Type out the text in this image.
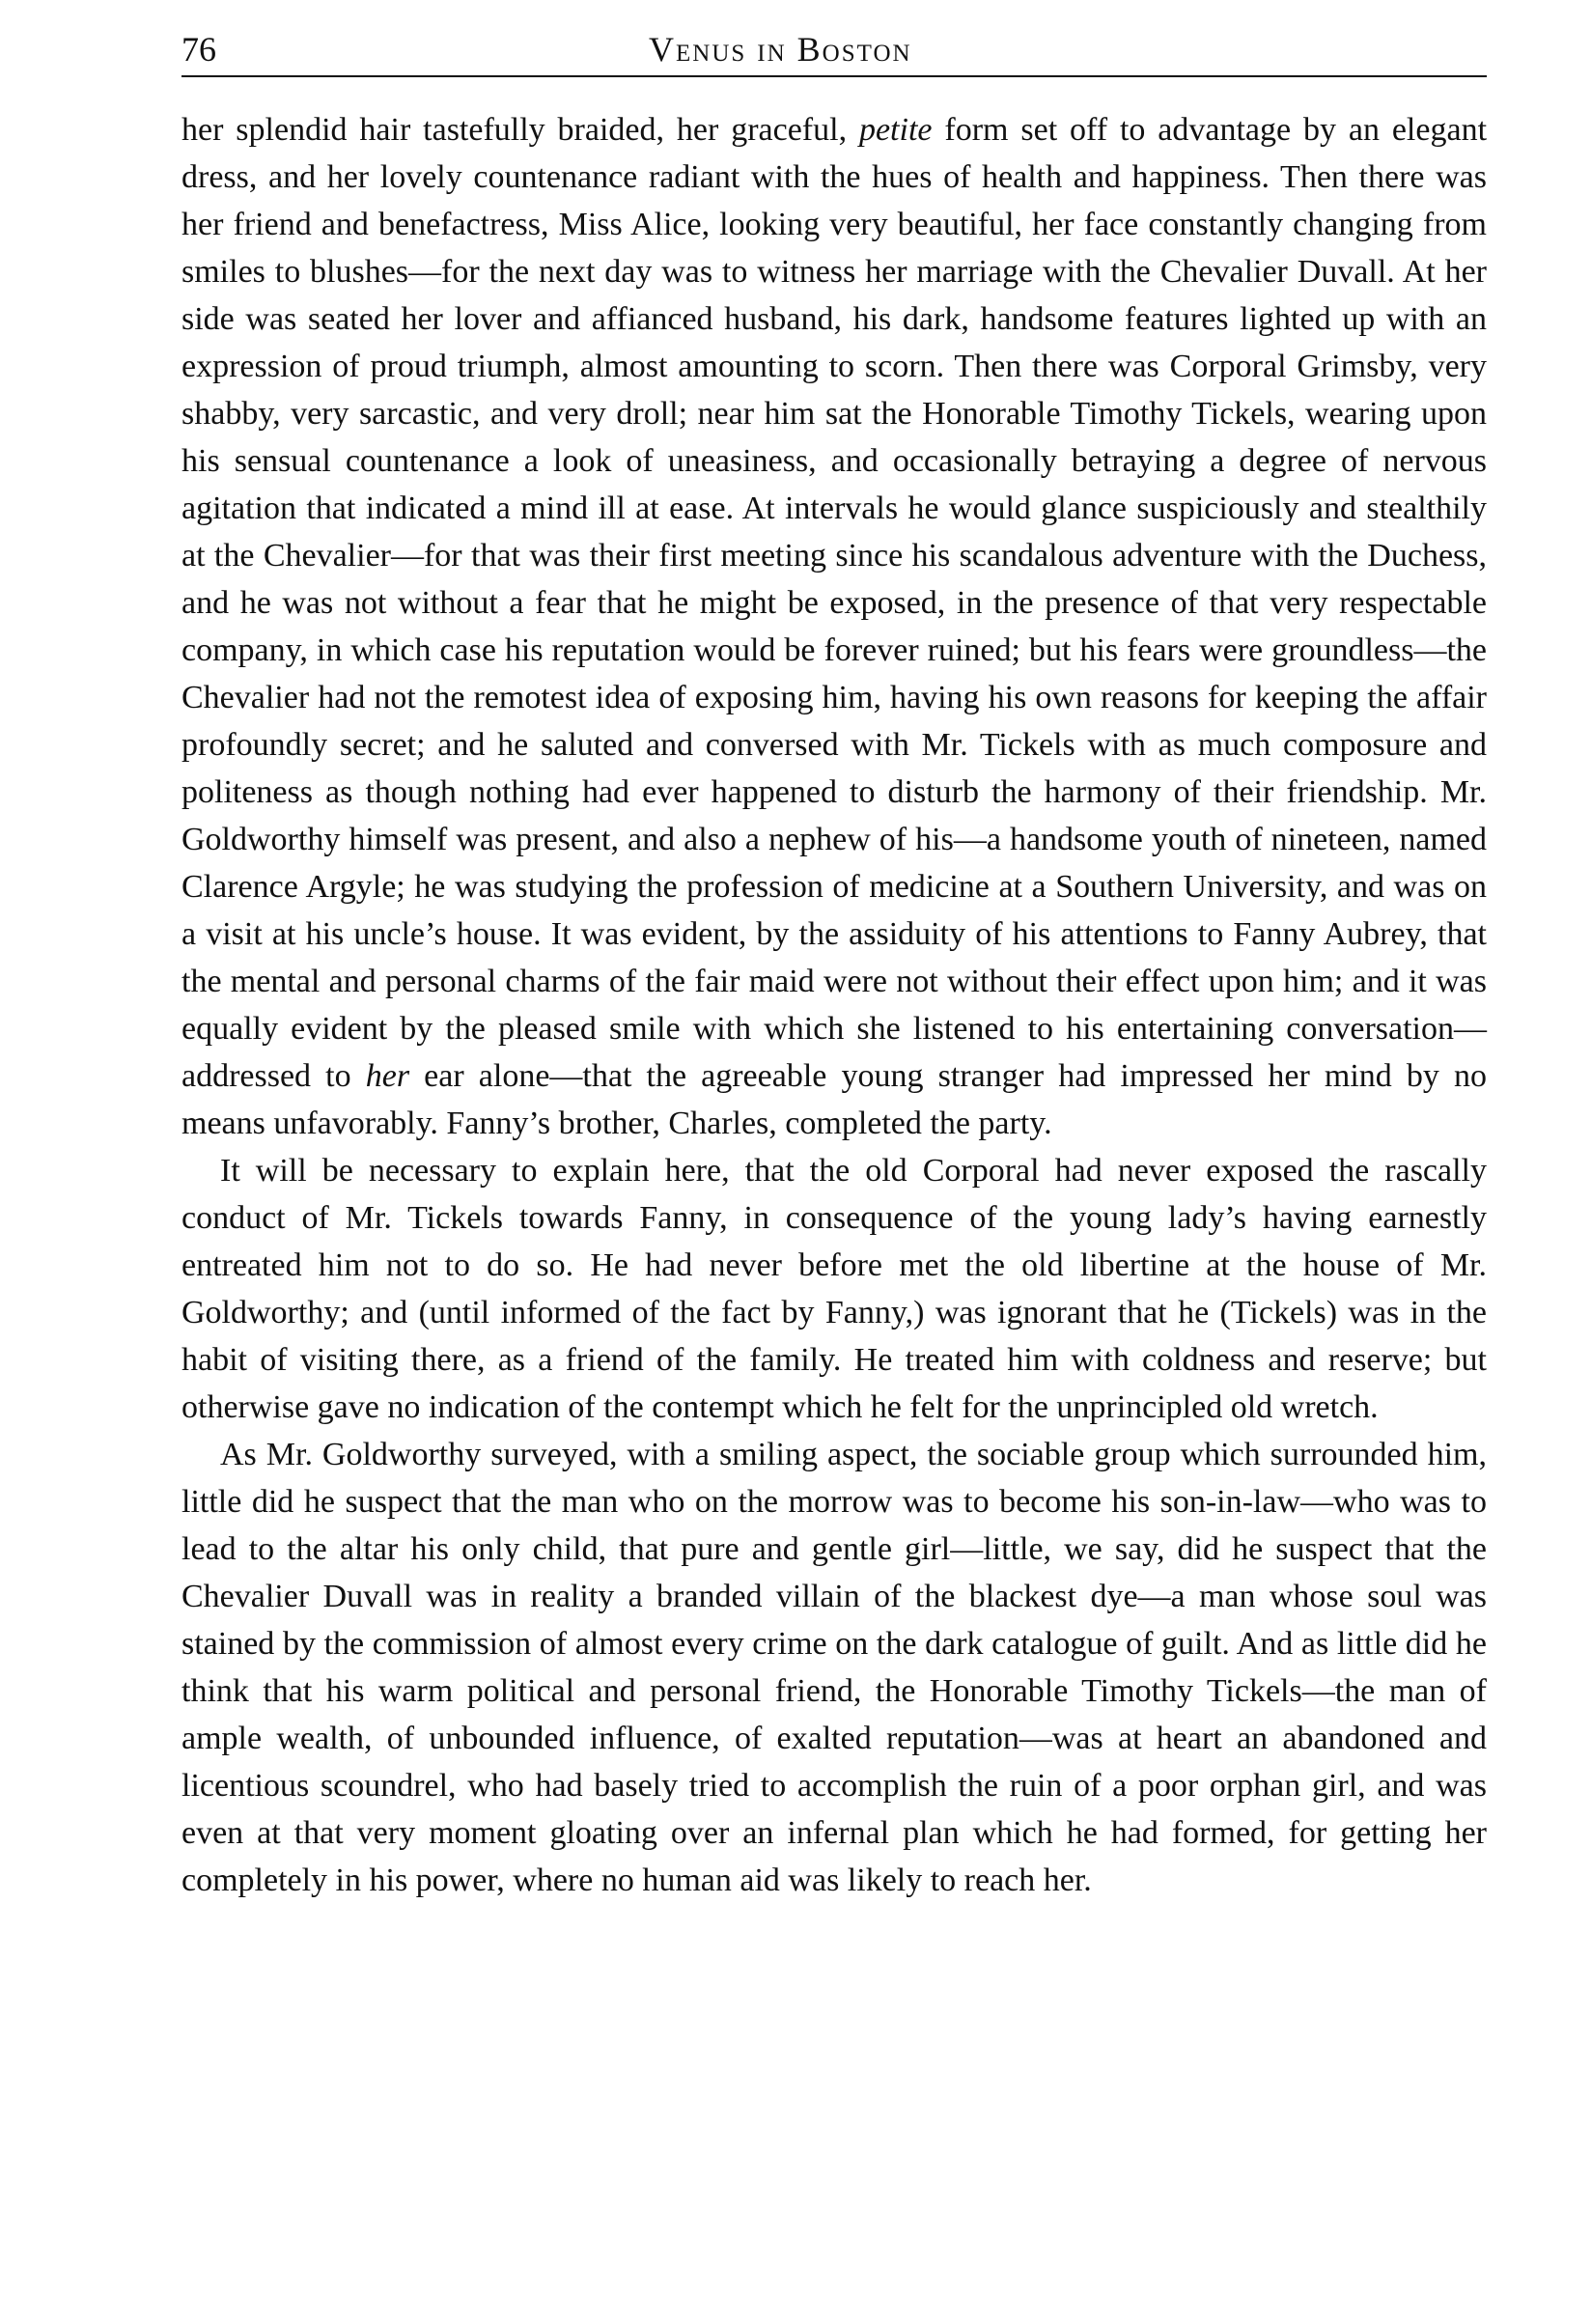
76	Venus in Boston

her splendid hair tastefully braided, her graceful, petite form set off to advantage by an elegant dress, and her lovely countenance radiant with the hues of health and happiness. Then there was her friend and benefactress, Miss Alice, looking very beautiful, her face constantly changing from smiles to blushes—for the next day was to witness her marriage with the Chevalier Duvall. At her side was seated her lover and affianced husband, his dark, handsome features lighted up with an expression of proud triumph, almost amounting to scorn. Then there was Corporal Grimsby, very shabby, very sarcastic, and very droll; near him sat the Honorable Timothy Tickels, wearing upon his sensual countenance a look of uneasiness, and occasionally betraying a degree of nervous agitation that indicated a mind ill at ease. At intervals he would glance suspiciously and stealthily at the Chevalier—for that was their first meeting since his scandalous adventure with the Duchess, and he was not without a fear that he might be exposed, in the presence of that very respectable company, in which case his reputation would be forever ruined; but his fears were groundless—the Chevalier had not the remotest idea of exposing him, having his own reasons for keeping the affair profoundly secret; and he saluted and conversed with Mr. Tickels with as much composure and politeness as though nothing had ever happened to disturb the harmony of their friendship. Mr. Goldworthy himself was present, and also a nephew of his—a handsome youth of nineteen, named Clarence Argyle; he was studying the profession of medicine at a Southern University, and was on a visit at his uncle’s house. It was evident, by the assiduity of his attentions to Fanny Aubrey, that the mental and personal charms of the fair maid were not without their effect upon him; and it was equally evident by the pleased smile with which she listened to his entertaining conversation—addressed to her ear alone—that the agreeable young stranger had impressed her mind by no means unfavorably. Fanny’s brother, Charles, completed the party.

It will be necessary to explain here, that the old Corporal had never exposed the rascally conduct of Mr. Tickels towards Fanny, in consequence of the young lady’s having earnestly entreated him not to do so. He had never before met the old libertine at the house of Mr. Goldworthy; and (until informed of the fact by Fanny,) was ignorant that he (Tickels) was in the habit of visiting there, as a friend of the family. He treated him with coldness and reserve; but otherwise gave no indication of the contempt which he felt for the unprincipled old wretch.

As Mr. Goldworthy surveyed, with a smiling aspect, the sociable group which surrounded him, little did he suspect that the man who on the morrow was to become his son-in-law—who was to lead to the altar his only child, that pure and gentle girl—little, we say, did he suspect that the Chevalier Duvall was in reality a branded villain of the blackest dye—a man whose soul was stained by the commission of almost every crime on the dark catalogue of guilt. And as little did he think that his warm political and personal friend, the Honorable Timothy Tickels—the man of ample wealth, of unbounded influence, of exalted reputation—was at heart an abandoned and licentious scoundrel, who had basely tried to accomplish the ruin of a poor orphan girl, and was even at that very moment gloating over an infernal plan which he had formed, for getting her completely in his power, where no human aid was likely to reach her.
